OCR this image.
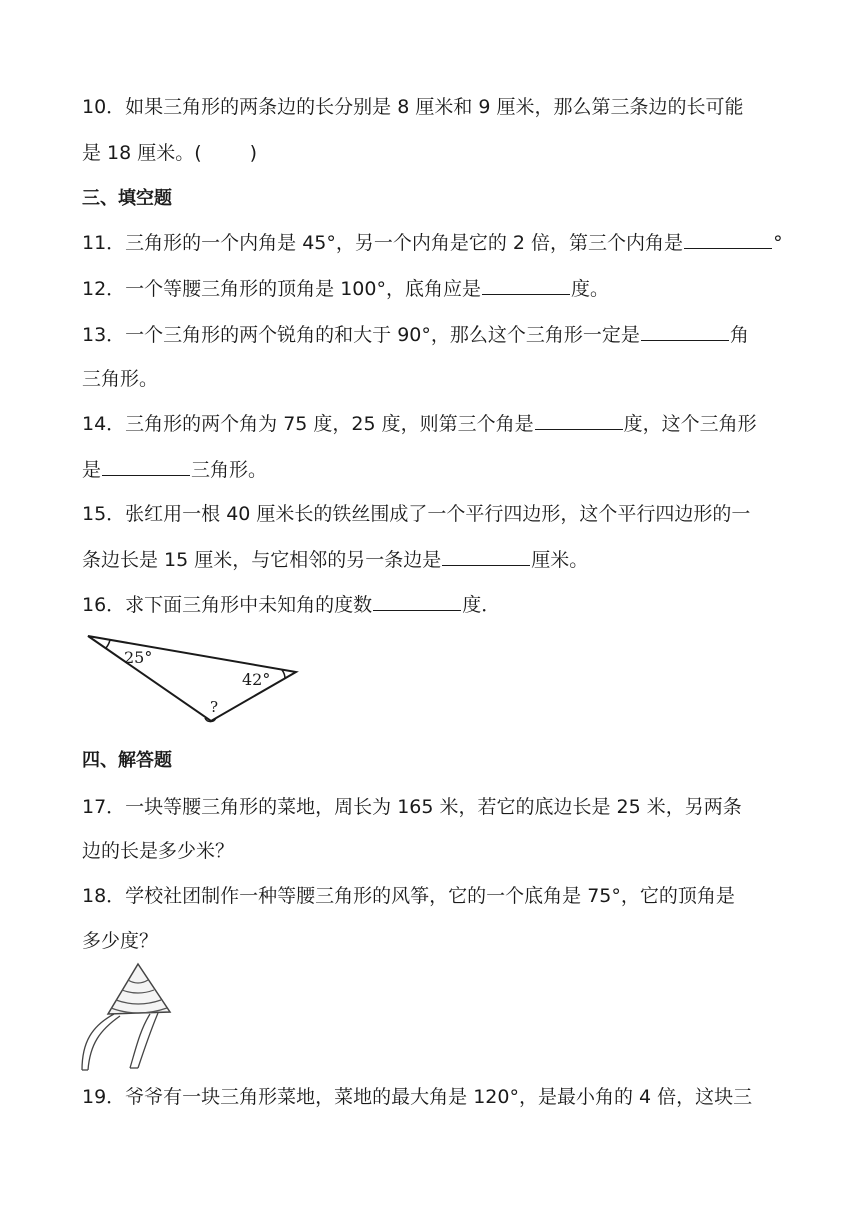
10．如果三角形的两条边的长分别是 8 厘米和 9 厘米，那么第三条边的长可能
是 18 厘米。(	)
三、填空题
11．三角形的一个内角是 45°，另一个内角是它的 2 倍，第三个内角是	°
12．一个等腰三角形的顶角是 100°，底角应是	度。
13．一个三角形的两个锐角的和大于 90°，那么这个三角形一定是	角
三角形。
14．三角形的两个角为 75 度，25 度，则第三个角是	度，这个三角形
是	三角形。
15．张红用一根 40 厘米长的铁丝围成了一个平行四边形，这个平行四边形的一
条边长是 15 厘米，与它相邻的另一条边是	厘米。
16．求下面三角形中未知角的度数	度．
25°
42°
?
四、解答题
17．一块等腰三角形的菜地，周长为 165 米，若它的底边长是 25 米，另两条
边的长是多少米？
18．学校社团制作一种等腰三角形的风筝，它的一个底角是 75°，它的顶角是
多少度？
19．爷爷有一块三角形菜地，菜地的最大角是 120°，是最小角的 4 倍，这块三
